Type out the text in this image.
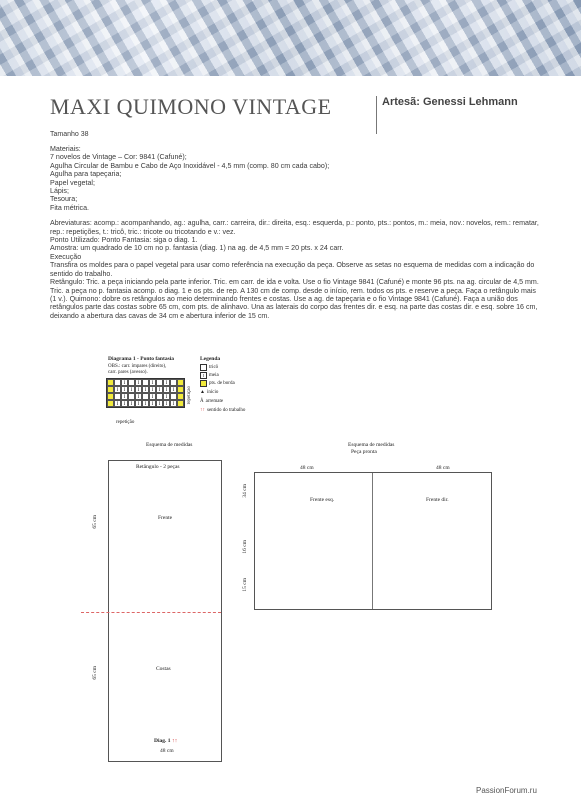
MAXI QUIMONO VINTAGE	Artesã: Genessi Lehmann
Tamanho 38

Materiais:

7 novelos de Vintage – Cor: 9841 (Cafuné);

Agulha Circular de Bambu e Cabo de Aço Inoxidável - 4,5 mm (comp. 80 cm cada cabo);

Agulha para tapeçaria;

Papel vegetal;

Lápis;

Tesoura;

Fita métrica.

Abreviaturas: acomp.: acompanhando, ag.: agulha, carr.: carreira, dir.: direita, esq.: esquerda, p.: ponto, pts.: pontos, m.: meia, nov.: novelos, rem.: rematar, rep.: repetições, t.: tricô, tric.: tricote ou tricotando e v.: vez.

Ponto Utilizado: Ponto Fantasia: siga o diag. 1.

Amostra: um quadrado de 10 cm no p. fantasia (diag. 1) na ag. de 4,5 mm = 20 pts. x 24 carr.

Execução

Transfira os moldes para o papel vegetal para usar como referência na execução da peça. Observe as setas no esquema de medidas com a indicação do sentido do trabalho.

Retângulo: Tric. a peça iniciando pela parte inferior. Tric. em carr. de ida e volta. Use o fio Vintage 9841 (Cafuné) e monte 96 pts. na ag. circular de 4,5 mm. Tric. a peça no p. fantasia acomp. o diag. 1 e os pts. de rep. A 130 cm de comp. desde o início, rem. todos os pts. e reserve a peça. Faça o retângulo mais (1 v.). Quimono: dobre os retângulos ao meio determinando frentes e costas. Use a ag. de tapeçaria e o fio Vintage 9841 (Cafuné). Faça a união dos retângulos parte das costas sobre 65 cm, com pts. de alinhavo. Una as laterais do corpo das frentes dir. e esq. na parte das costas dir. e esq. sobre 16 cm, deixando a abertura das cavas de 34 cm e abertura inferior de 15 cm.

Diagrama 1 - Ponto fantasia
OBS.: carr. ímpares (direito),
carr. pares (avesso).
I	I	I	I
I	I	I	I	I	I	I	I	I
I	I	I	I
I	I	I	I	I	I	I	I	I
repetição
repetição
Legenda
tricô
I meia
pts. de borda
▲ início
Å arremate
↑↑ sentido do trabalho
Esquema de medidas
Retângulo - 2 peças
Frente
Costas
Diag. 1 ↑↑
48 cm
65 cm
65 cm
Esquema de medidas
Peça pronta
48 cm	48 cm
Frente esq.	Frente dir.
34 cm
16 cm
15 cm
PassionForum.ru
